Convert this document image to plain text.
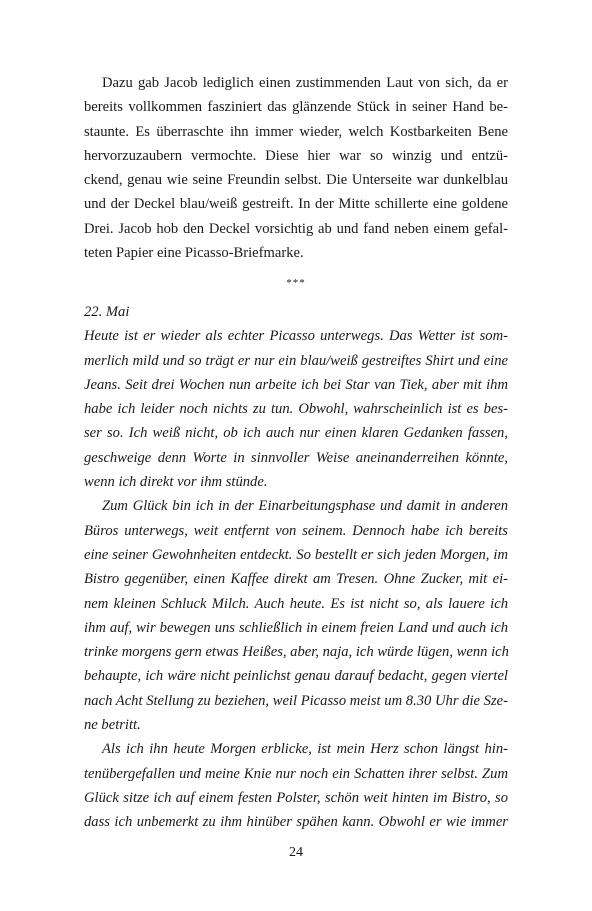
Dazu gab Jacob lediglich einen zustimmenden Laut von sich, da er
bereits vollkommen fasziniert das glänzende Stück in seiner Hand be-
staunte. Es überraschte ihn immer wieder, welch Kostbarkeiten Bene
hervorzuzaubern vermochte. Diese hier war so winzig und entzü-
ckend, genau wie seine Freundin selbst. Die Unterseite war dunkelblau
und der Deckel blau/weiß gestreift. In der Mitte schillerte eine goldene
Drei. Jacob hob den Deckel vorsichtig ab und fand neben einem gefal-
teten Papier eine Picasso-Briefmarke.
***
22. Mai
Heute ist er wieder als echter Picasso unterwegs. Das Wetter ist som-
merlich mild und so trägt er nur ein blau/weiß gestreiftes Shirt und eine
Jeans. Seit drei Wochen nun arbeite ich bei Star van Tiek, aber mit ihm
habe ich leider noch nichts zu tun. Obwohl, wahrscheinlich ist es bes-
ser so. Ich weiß nicht, ob ich auch nur einen klaren Gedanken fassen,
geschweige denn Worte in sinnvoller Weise aneinanderreihen könnte,
wenn ich direkt vor ihm stünde.
Zum Glück bin ich in der Einarbeitungsphase und damit in anderen
Büros unterwegs, weit entfernt von seinem. Dennoch habe ich bereits
eine seiner Gewohnheiten entdeckt. So bestellt er sich jeden Morgen, im
Bistro gegenüber, einen Kaffee direkt am Tresen. Ohne Zucker, mit ei-
nem kleinen Schluck Milch. Auch heute. Es ist nicht so, als lauere ich
ihm auf, wir bewegen uns schließlich in einem freien Land und auch ich
trinke morgens gern etwas Heißes, aber, naja, ich würde lügen, wenn ich
behaupte, ich wäre nicht peinlichst genau darauf bedacht, gegen viertel
nach Acht Stellung zu beziehen, weil Picasso meist um 8.30 Uhr die Sze-
ne betritt.
Als ich ihn heute Morgen erblicke, ist mein Herz schon längst hin-
tenübergefallen und meine Knie nur noch ein Schatten ihrer selbst. Zum
Glück sitze ich auf einem festen Polster, schön weit hinten im Bistro, so
dass ich unbemerkt zu ihm hinüber spähen kann. Obwohl er wie immer
24
